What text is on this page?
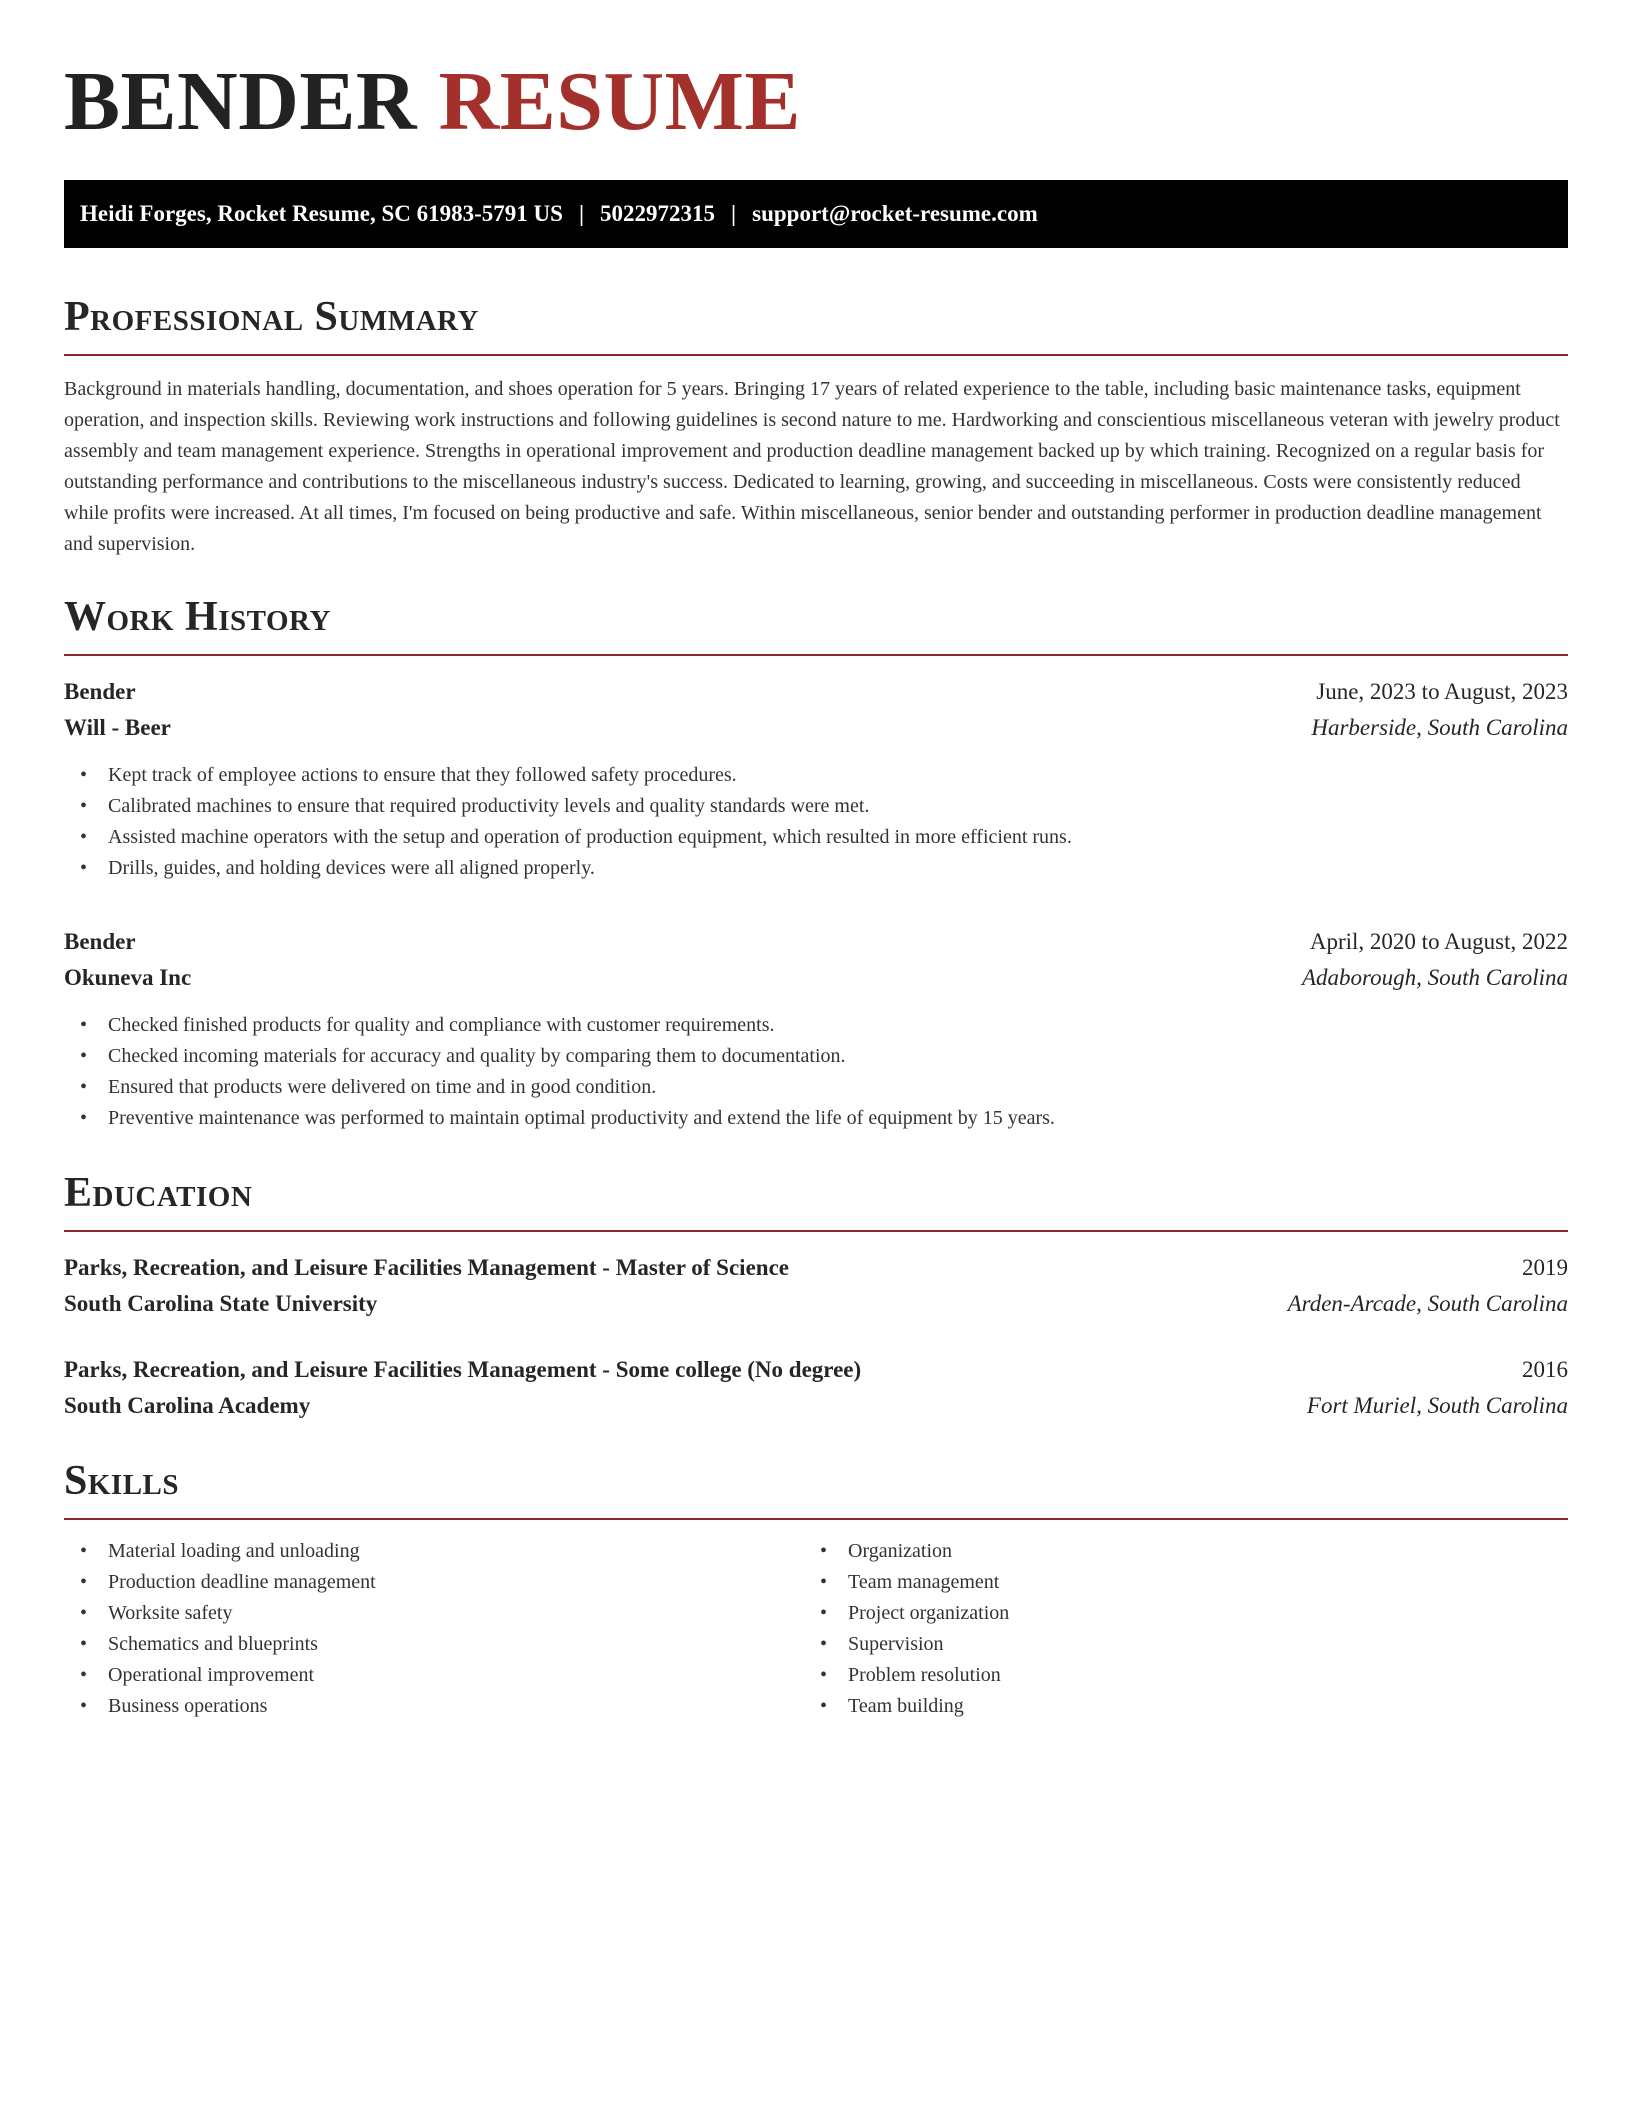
BENDER RESUME
Heidi Forges, Rocket Resume, SC 61983-5791 US | 5022972315 | support@rocket-resume.com
Professional Summary

Background in materials handling, documentation, and shoes operation for 5 years. Bringing 17 years of related experience to the table, including basic maintenance tasks, equipment operation, and inspection skills. Reviewing work instructions and following guidelines is second nature to me. Hardworking and conscientious miscellaneous veteran with jewelry product assembly and team management experience. Strengths in operational improvement and production deadline management backed up by which training. Recognized on a regular basis for outstanding performance and contributions to the miscellaneous industry's success. Dedicated to learning, growing, and succeeding in miscellaneous. Costs were consistently reduced while profits were increased. At all times, I'm focused on being productive and safe. Within miscellaneous, senior bender and outstanding performer in production deadline management and supervision.

Work History
Bender	June, 2023 to August, 2023
Will - Beer	Harberside, South Carolina
• Kept track of employee actions to ensure that they followed safety procedures.
• Calibrated machines to ensure that required productivity levels and quality standards were met.
• Assisted machine operators with the setup and operation of production equipment, which resulted in more efficient runs.
• Drills, guides, and holding devices were all aligned properly.
Bender	April, 2020 to August, 2022
Okuneva Inc	Adaborough, South Carolina
• Checked finished products for quality and compliance with customer requirements.
• Checked incoming materials for accuracy and quality by comparing them to documentation.
• Ensured that products were delivered on time and in good condition.
• Preventive maintenance was performed to maintain optimal productivity and extend the life of equipment by 15 years.
Education
Parks, Recreation, and Leisure Facilities Management - Master of Science	2019
South Carolina State University	Arden-Arcade, South Carolina
Parks, Recreation, and Leisure Facilities Management - Some college (No degree)	2016
South Carolina Academy	Fort Muriel, South Carolina
Skills
• Material loading and unloading
• Production deadline management
• Worksite safety
• Schematics and blueprints
• Operational improvement
• Business operations
• Organization
• Team management
• Project organization
• Supervision
• Problem resolution
• Team building
